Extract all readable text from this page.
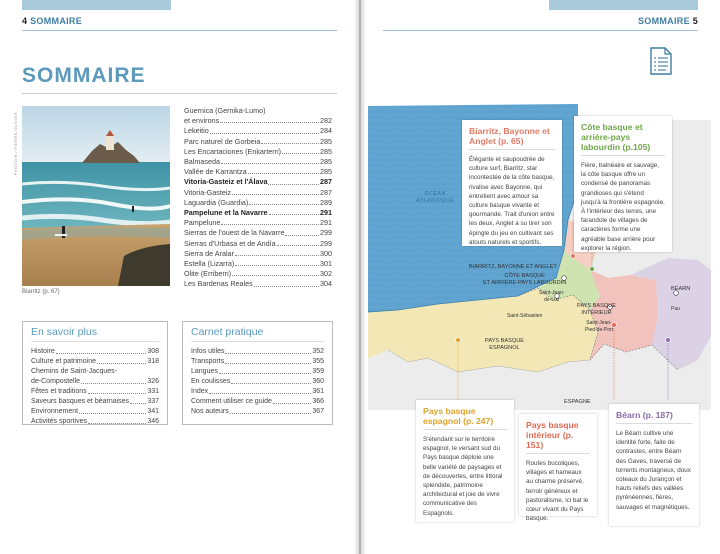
4 SOMMAIRE
SOMMAIRE
PHOVOIR / PIERRE-OLIVIER
Biarritz (p. 67)
Guernica (Gernika-Lumo)
et environs	282
Lekeitio	284
Parc naturel de Gorbeia	285
Les Encartaciones (Enkarterri)	285
Balmaseda	285
Vallée de Karrantza	285
Vitoria-Gasteiz et l'Álava	287
Vitoria-Gasteiz	287
Laguardia (Guardia)	289
Pampelune et la Navarre	291
Pampelune	291
Sierras de l'ouest de la Navarre	299
Sierras d'Urbasa et de Andía	299
Sierra de Aralar	300
Estella (Lizarra)	301
Olite (Erriberri)	302
Les Bardenas Reales	304
En savoir plus
Histoire	308
Culture et patrimoine	318
Chemins de Saint-Jacques-
de-Compostelle	326
Fêtes et traditions	331
Saveurs basques et béarnaises	337
Environnement	341
Activités sportives	346
Carnet pratique
Infos utiles	352
Transports	355
Langues	359
En coulisses	360
Index	361
Comment utiliser ce guide	366
Nos auteurs	367
SOMMAIRE 5
OCÉAN
ATLANTIQUE
BIARRITZ, BAYONNE ET ANGLET
CÔTE BASQUE
ET ARRIÈRE-PAYS LABOURDIN
Saint-Jean-
de-Luz
Saint-Sébastien
PAYS BASQUE
ESPAGNOL
PAYS BASQUE
INTÉRIEUR
Saint-Jean-
Pied-de-Port
BÉARN
Pau
ESPAGNE
Biarritz, Bayonne et Anglet (p. 65)

Élégante et saupoudrée de culture surf, Biarritz, star incontestée de la côte basque, rivalise avec Bayonne, qui entretient avec amour sa culture basque vivante et gourmande. Trait d'union entre les deux, Anglet a su tirer son épingle du jeu en cultivant ses atouts naturels et sportifs.

Côte basque et arrière-pays labourdin (p.105)

Fière, balnéaire et sauvage, la côte basque offre un condensé de panoramas grandioses qui s'étend jusqu'à la frontière espagnole. À l'intérieur des terres, une farandole de villages de caractères forme une agréable base arrière pour explorer la région.

Pays basque espagnol (p. 247)

S'étendant sur le territoire espagnol, le versant sud du Pays basque déploie une belle variété de paysages et de découvertes, entre littoral splendide, patrimoine architectural et joie de vivre communicative des Espagnols.

Pays basque intérieur (p. 151)

Routes bucoliques, villages et hameaux au charme préservé, terroir généreux et pastoralisme, ici bat le cœur vivant du Pays basque.

Béarn (p. 187)

Le Béarn cultive une identité forte, faite de contrastes, entre Béarn des Gaves, traversé de torrents montagneux, doux coteaux du Jurançon et hauts reliefs des vallées pyrénéennes, fières, sauvages et magnétiques.
